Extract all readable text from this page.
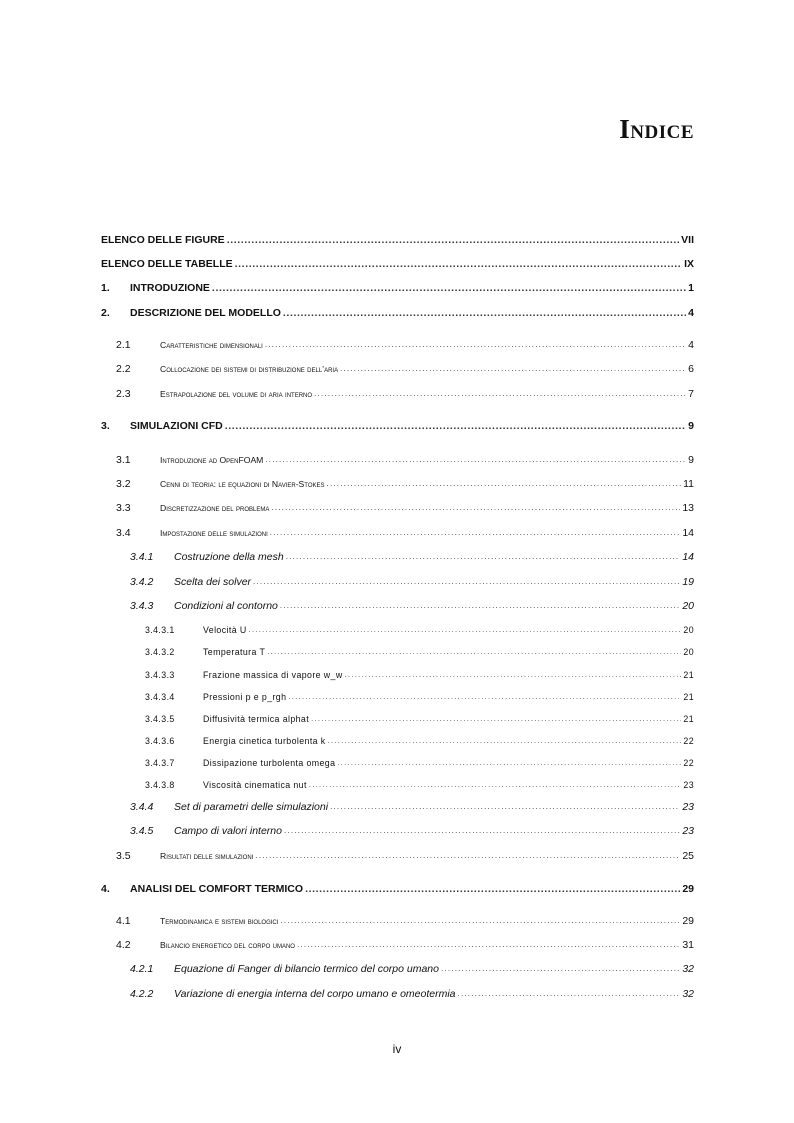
Indice
ELENCO DELLE FIGURE .....	VII
ELENCO DELLE TABELLE .....	IX
1. INTRODUZIONE .....	1
2. DESCRIZIONE DEL MODELLO .....	4
2.1	Caratteristiche dimensionali .....	4
2.2	Collocazione dei sistemi di distribuzione dell’aria .....	6
2.3	Estrapolazione del volume di aria interno .....	7
3. SIMULAZIONI CFD .....	9
3.1	Introduzione ad OpenFOAM .....	9
3.2	Cenni di teoria: le equazioni di Navier-Stokes .....	11
3.3	Discretizzazione del problema .....	13
3.4	Impostazione delle simulazioni .....	14
3.4.1 Costruzione della mesh .....	14
3.4.2 Scelta dei solver .....	19
3.4.3 Condizioni al contorno .....	20
3.4.3.1	Velocità U .....	20
3.4.3.2	Temperatura T .....	20
3.4.3.3	Frazione massica di vapore w_w .....	21
3.4.3.4	Pressioni p e p_rgh .....	21
3.4.3.5	Diffusività termica alphat .....	21
3.4.3.6	Energia cinetica turbolenta k .....	22
3.4.3.7	Dissipazione turbolenta omega .....	22
3.4.3.8	Viscosità cinematica nut .....	23
3.4.4 Set di parametri delle simulazioni .....	23
3.4.5 Campo di valori interno .....	23
3.5	Risultati delle simulazioni .....	25
4. ANALISI DEL COMFORT TERMICO .....	29
4.1	Termodinamica e sistemi biologici .....	29
4.2	Bilancio energetico del corpo umano .....	31
4.2.1 Equazione di Fanger di bilancio termico del corpo umano .....	32
4.2.2 Variazione di energia interna del corpo umano e omeotermia .....	32
iv
